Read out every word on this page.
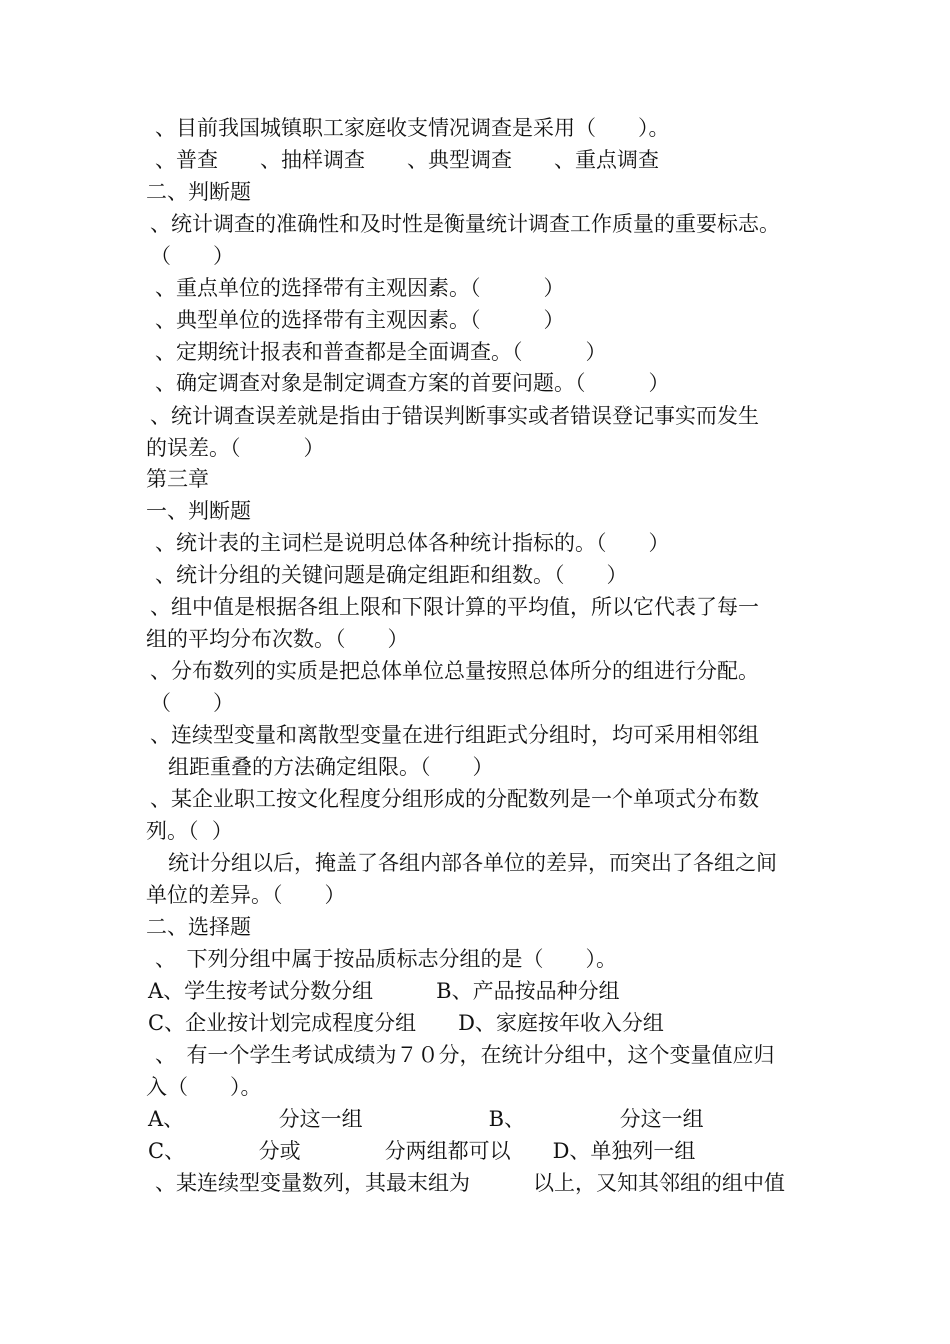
、目前我国城镇职工家庭收支情况调查是采用（　　）。
、普查　　、抽样调查　　、典型调查　　、重点调查
二、判断题
、统计调查的准确性和及时性是衡量统计调查工作质量的重要标志。
（　　）
、重点单位的选择带有主观因素。（　　　）
、典型单位的选择带有主观因素。（　　　）
、定期统计报表和普查都是全面调查。（　　　）
、确定调查对象是制定调查方案的首要问题。（　　　）
、统计调查误差就是指由于错误判断事实或者错误登记事实而发生
的误差。（　　　）
第三章
一、判断题
、统计表的主词栏是说明总体各种统计指标的。（　　）
、统计分组的关键问题是确定组距和组数。（　　）
、组中值是根据各组上限和下限计算的平均值，所以它代表了每一
组的平均分布次数。（　　）
、分布数列的实质是把总体单位总量按照总体所分的组进行分配。
（　　）
、连续型变量和离散型变量在进行组距式分组时，均可采用相邻组
组距重叠的方法确定组限。（　　）
、某企业职工按文化程度分组形成的分配数列是一个单项式分布数
列。（  ）
统计分组以后，掩盖了各组内部各单位的差异，而突出了各组之间
单位的差异。（　　）
二、选择题
、　下列分组中属于按品质标志分组的是（　　）。
A、学生按考试分数分组　　　B、产品按品种分组
C、企业按计划完成程度分组　　D、家庭按年收入分组
、　有一个学生考试成绩为７０分，在统计分组中，这个变量值应归
入（　　）。
A、　　　　　分这一组　　　　　　B、　　　　　分这一组
C、　　　　分或　　　　分两组都可以　　D、单独列一组
、某连续型变量数列，其最末组为　　　以上，又知其邻组的组中值
